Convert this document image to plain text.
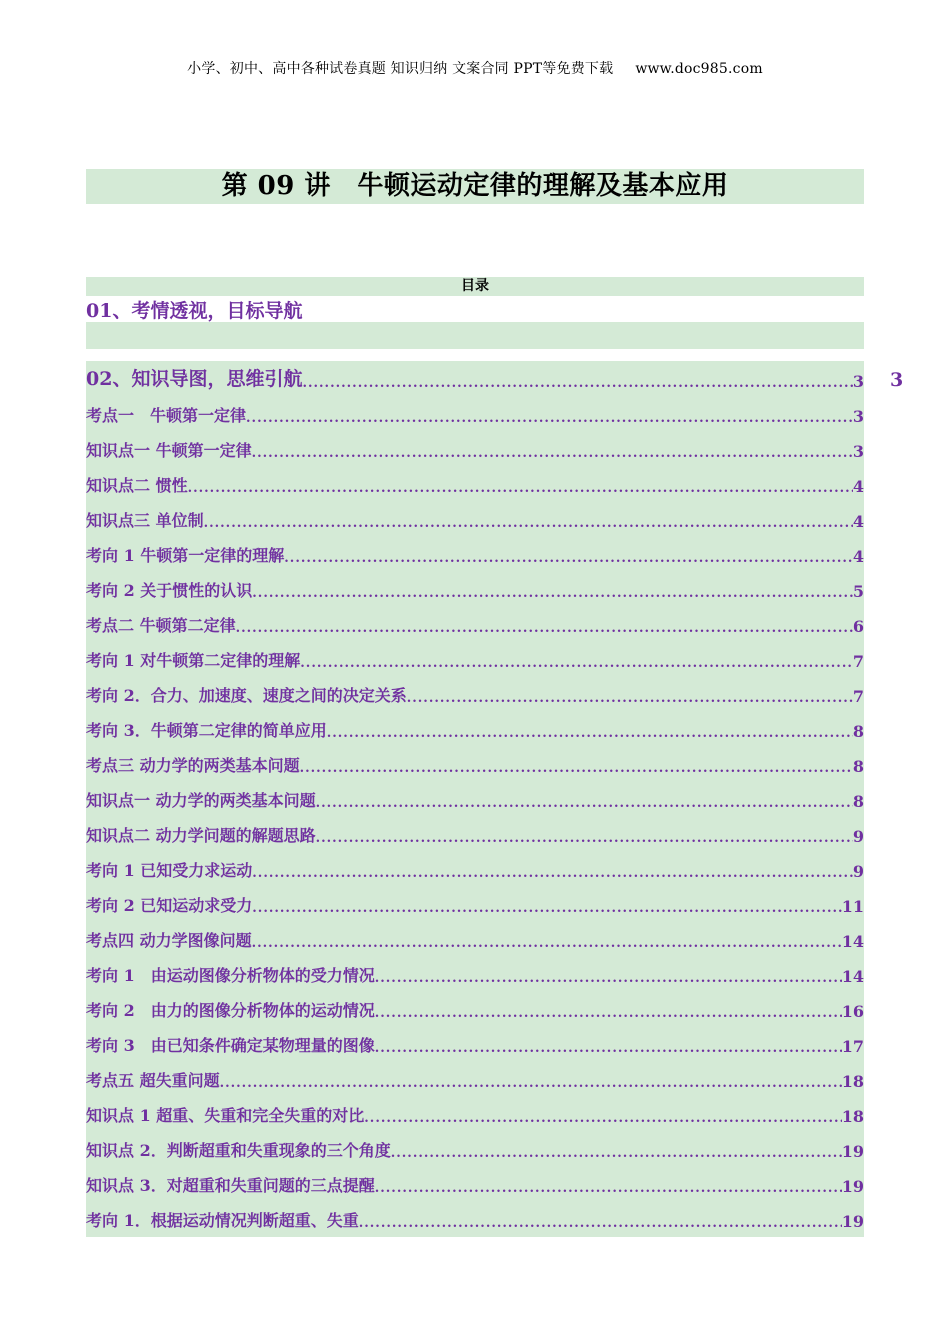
小学、初中、高中各种试卷真题 知识归纳 文案合同 PPT等免费下载 www.doc985.com
第 09 讲　牛顿运动定律的理解及基本应用
目录
01、考情透视，目标导航
02、知识导图，思维引航 .....	3 3
考点一　牛顿第一定律 .....	3
知识点一 牛顿第一定律 .....	3
知识点二 惯性 .....	4
知识点三 单位制 .....	4
考向 1 牛顿第一定律的理解 .....	4
考向 2 关于惯性的认识 .....	5
考点二 牛顿第二定律 .....	6
考向 1 对牛顿第二定律的理解 .....	7
考向 2．合力、加速度、速度之间的决定关系 .....	7
考向 3．牛顿第二定律的简单应用 .....	8
考点三 动力学的两类基本问题 .....	8
知识点一 动力学的两类基本问题 .....	8
知识点二 动力学问题的解题思路 .....	9
考向 1 已知受力求运动 .....	9
考向 2 已知运动求受力 .....	11
考点四 动力学图像问题 .....	14
考向 1　由运动图像分析物体的受力情况 .....	14
考向 2　由力的图像分析物体的运动情况 .....	16
考向 3　由已知条件确定某物理量的图像 .....	17
考点五 超失重问题 .....	18
知识点 1 超重、失重和完全失重的对比 .....	18
知识点 2．判断超重和失重现象的三个角度 .....	19
知识点 3．对超重和失重问题的三点提醒 .....	19
考向 1．根据运动情况判断超重、失重 .....	19
